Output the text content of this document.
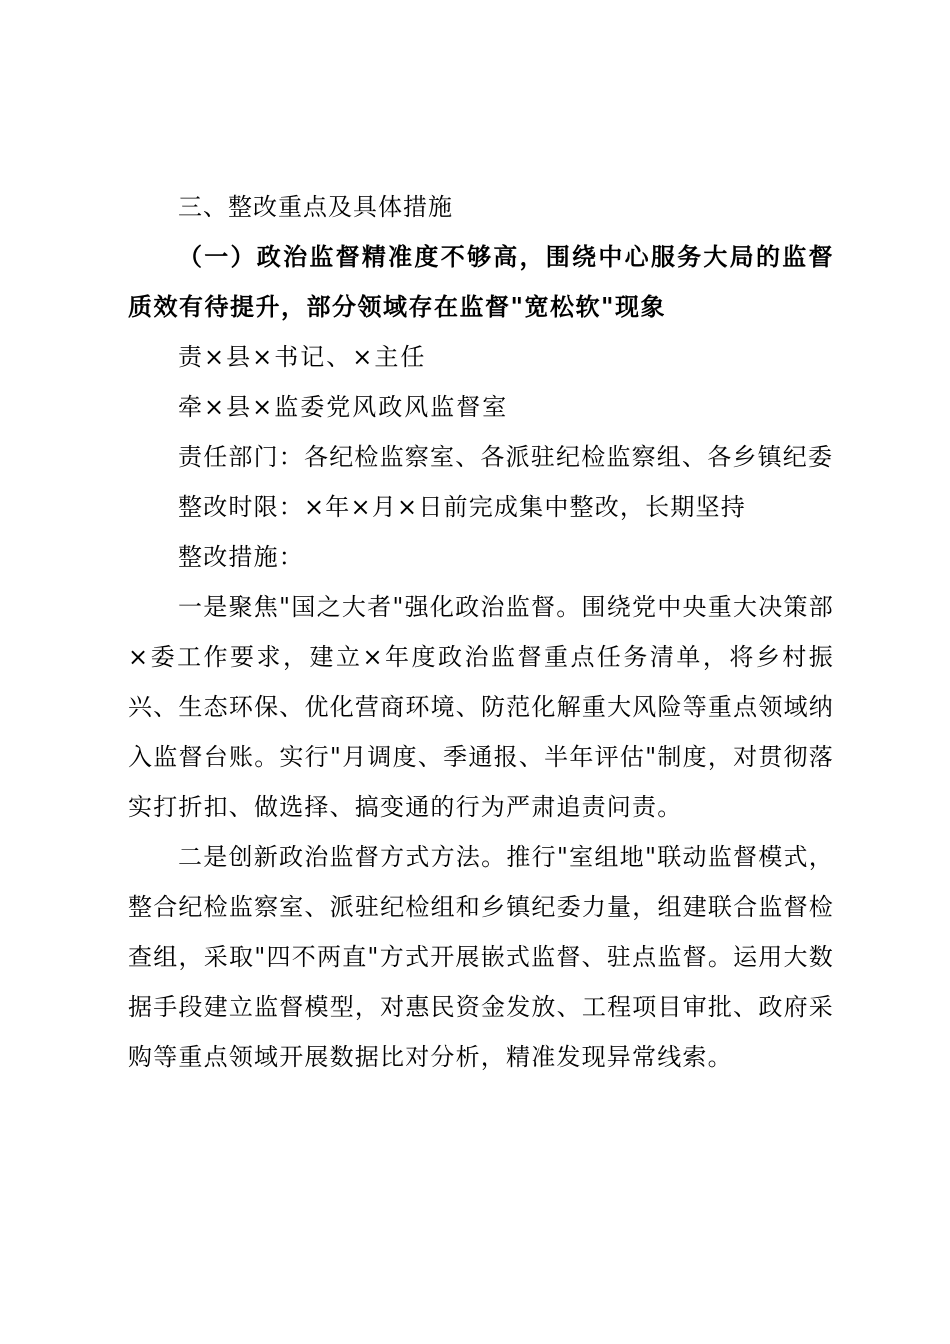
三、整改重点及具体措施

（一）政治监督精准度不够高，围绕中心服务大局的监督质效有待提升，部分领域存在监督"宽松软"现象

责×县×书记、×主任

牵×县×监委党风政风监督室

责任部门：各纪检监察室、各派驻纪检监察组、各乡镇纪委

整改时限：×年×月×日前完成集中整改，长期坚持

整改措施：

一是聚焦"国之大者"强化政治监督。围绕党中央重大决策部×委工作要求，建立×年度政治监督重点任务清单，将乡村振兴、生态环保、优化营商环境、防范化解重大风险等重点领域纳入监督台账。实行"月调度、季通报、半年评估"制度，对贯彻落实打折扣、做选择、搞变通的行为严肃追责问责。

二是创新政治监督方式方法。推行"室组地"联动监督模式，整合纪检监察室、派驻纪检组和乡镇纪委力量，组建联合监督检查组，采取"四不两直"方式开展嵌式监督、驻点监督。运用大数据手段建立监督模型，对惠民资金发放、工程项目审批、政府采购等重点领域开展数据比对分析，精准发现异常线索。
